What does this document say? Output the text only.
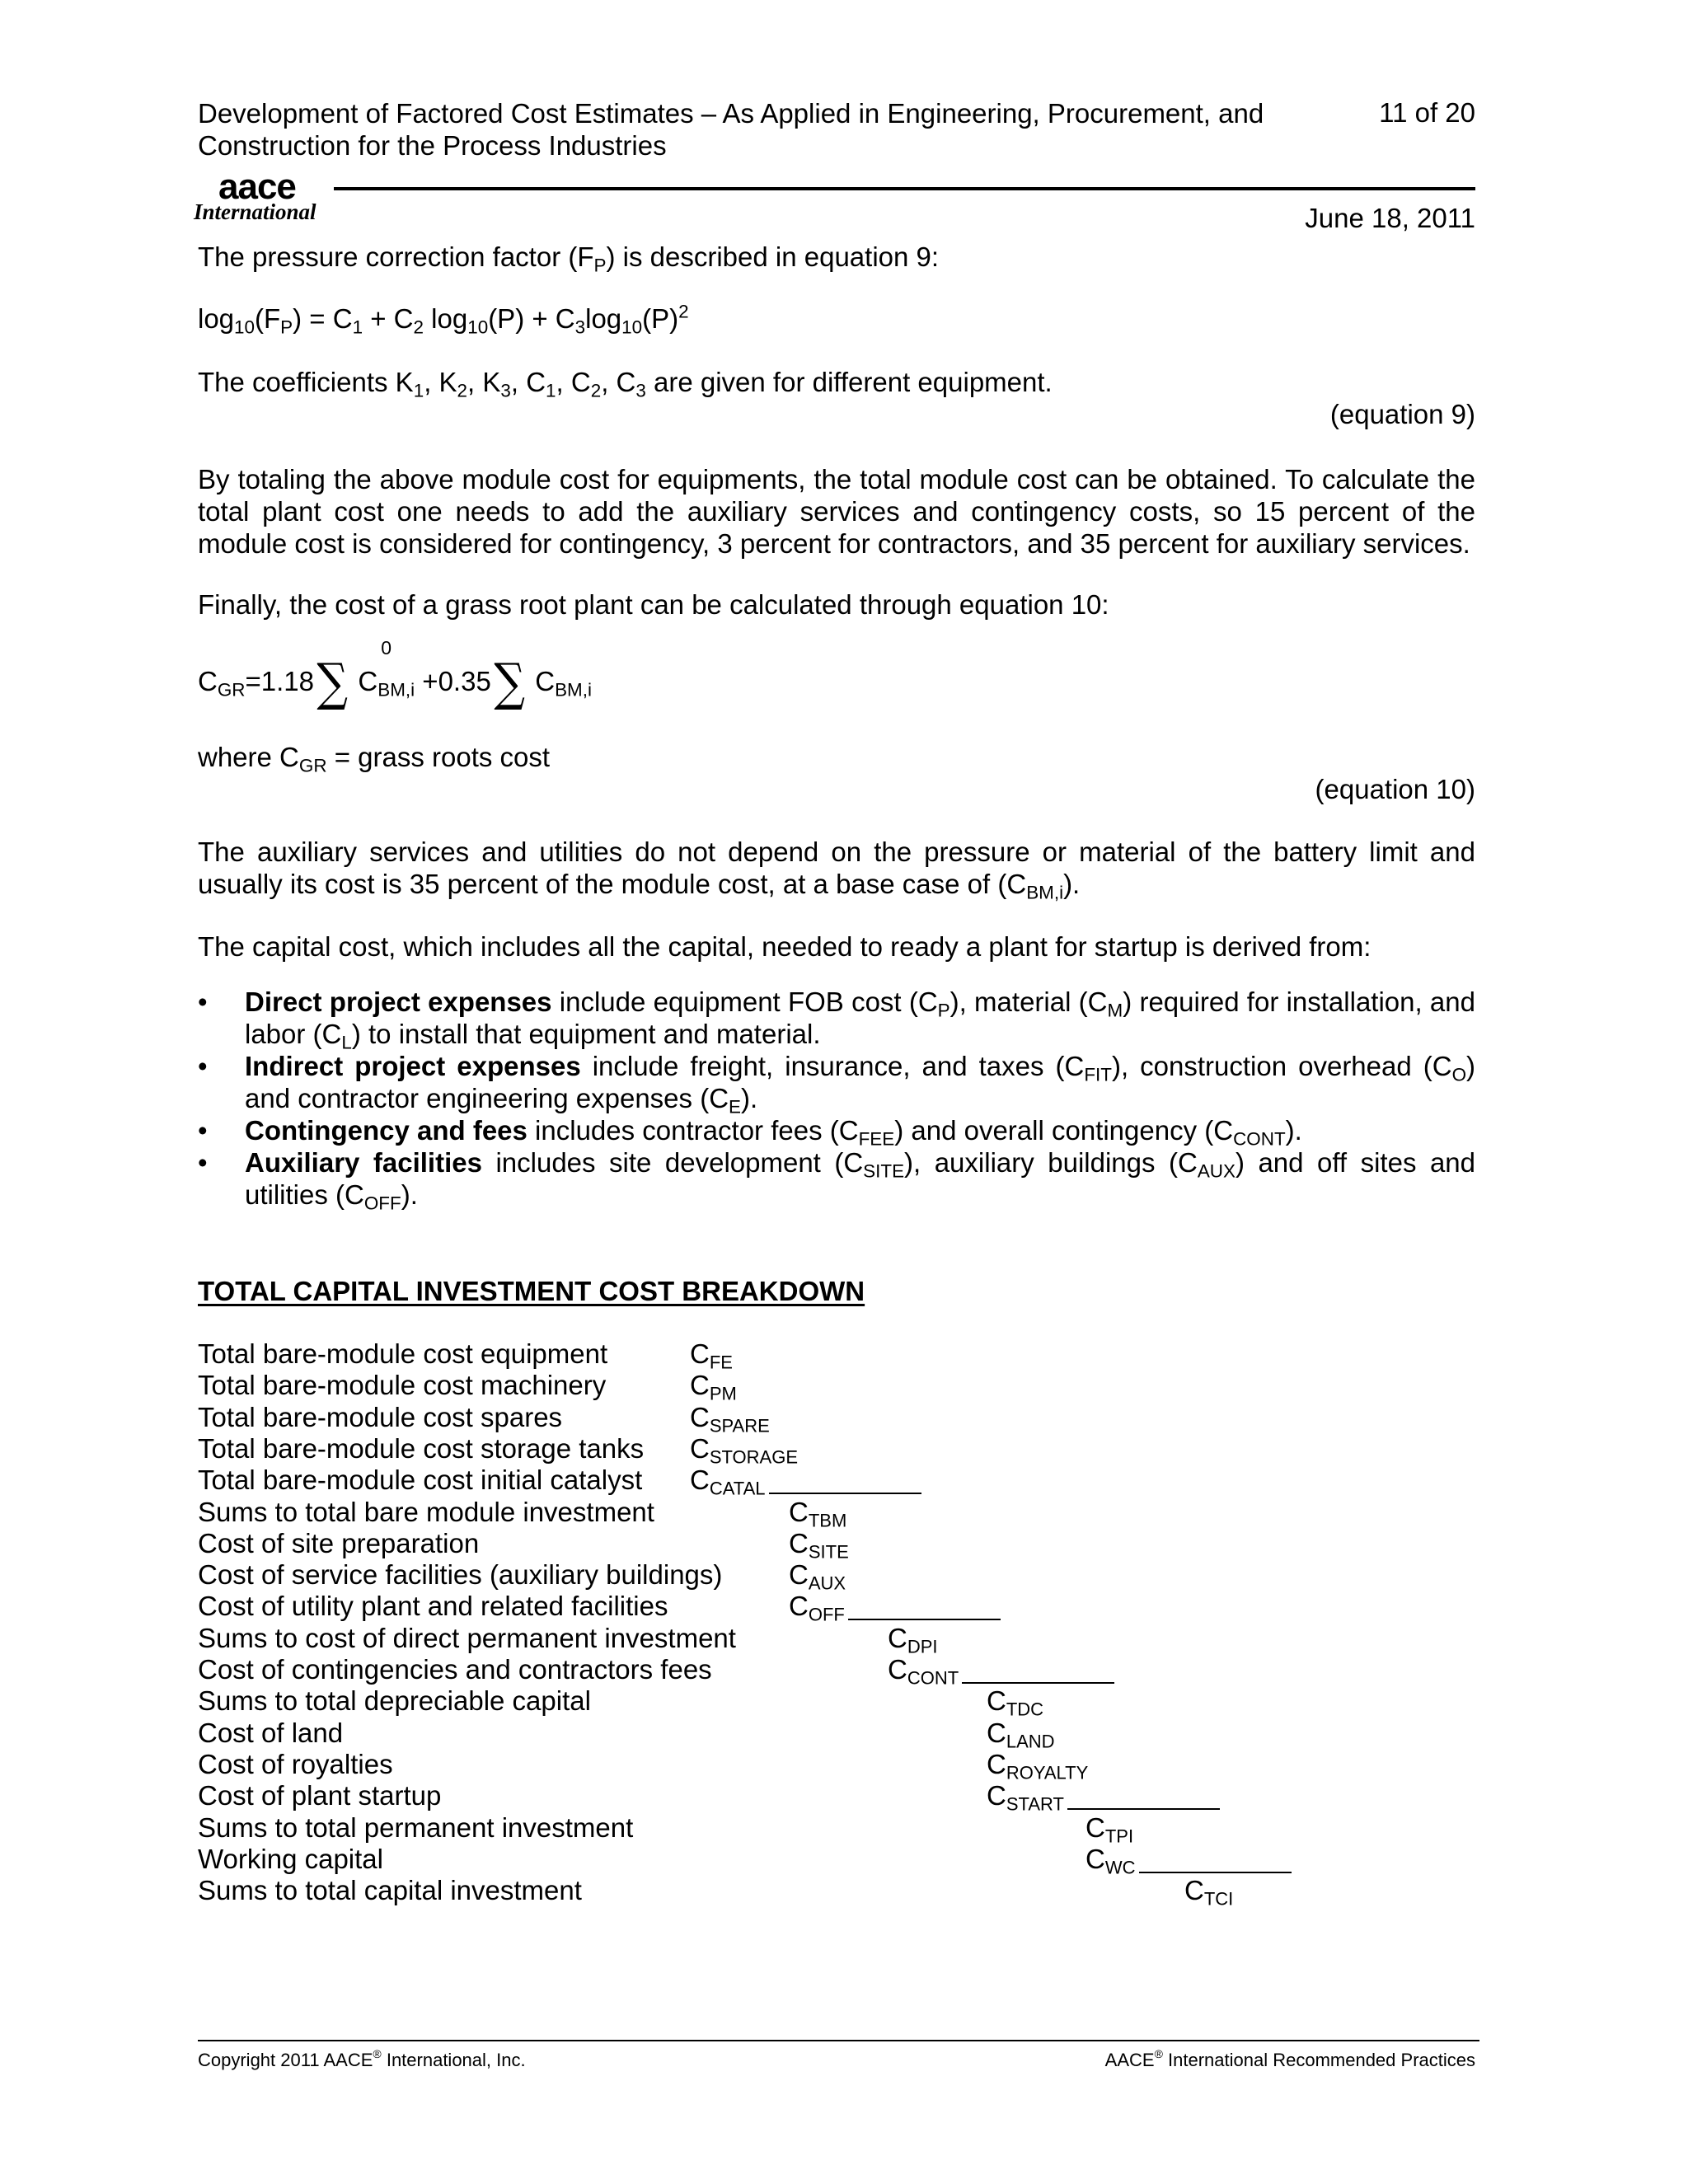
Development of Factored Cost Estimates – As Applied in Engineering, Procurement, and
Construction for the Process Industries
11 of 20
aace
International	June 18, 2011

The pressure correction factor $(F_P)$ is described in equation 9:

$\log_{10}(F_P) = C_1 + C_2$ $\log_{10}(P) + C_3\log_{10}(P)^2$

The coefficients $K_1$, $K_2$, $K_3$, $C_1$, $C_2$, $C_3$ are given for different equipment.

(equation 9)

By totaling the above module cost for equipments, the total module cost can be obtained. To calculate the total plant cost one needs to add the auxiliary services and contingency costs, so 15 percent of the module cost is considered for contingency, 3 percent for contractors, and 35 percent for auxiliary services.

Finally, the cost of a grass root plant can be calculated through equation 10:

$C_{GR}=1.18\sum$ C
0
$_{BM,i}$ +0.35∑ $C_{BM,i}$

where $C_{GR}$ = grass roots cost

(equation 10)

The auxiliary services and utilities do not depend on the pressure or material of the battery limit and usually its cost is 35 percent of the module cost, at a base case of $(C_{BM,i})$.

The capital cost, which includes all the capital, needed to ready a plant for startup is derived from:

• Direct project expenses include equipment FOB cost $(C_P)$, material $(C_M)$ required for installation, and labor $(C_L)$ to install that equipment and material.
• Indirect project expenses include freight, insurance, and taxes $(C_{FIT})$, construction overhead $(C_O)$ and contractor engineering expenses $(C_E)$.
• Contingency and fees includes contractor fees $(C_{FEE})$ and overall contingency $(C_{CONT})$.
• Auxiliary facilities includes site development $(C_{SITE})$, auxiliary buildings $(C_{AUX})$ and off sites and utilities $(C_{OFF})$.
TOTAL CAPITAL INVESTMENT COST BREAKDOWN
Total bare-module cost equipment	$C_{FE}$
Total bare-module cost machinery	$C_{PM}$
Total bare-module cost spares	$C_{SPARE}$
Total bare-module cost storage tanks $C_{STORAGE}$
Total bare-module cost initial catalyst $C_{CATAL}$
Sums to total bare module investment	$C_{TBM}$
Cost of site preparation	$C_{SITE}$
Cost of service facilities (auxiliary buildings) $C_{AUX}$
Cost of utility plant and related facilities	$C_{OFF}$
Sums to cost of direct permanent investment	$C_{DPI}$
Cost of contingencies and contractors fees	$C_{CONT}$
Sums to total depreciable capital	$C_{TDC}$
Cost of land	$C_{LAND}$
Cost of royalties	$C_{ROYALTY}$
Cost of plant startup	$C_{START}$
Sums to total permanent investment	$C_{TPI}$
Working capital	$C_{WC}$
Sums to total capital investment	$C_{TCI}$
Copyright 2011 AACE® International, Inc.	AACE® International Recommended Practices
